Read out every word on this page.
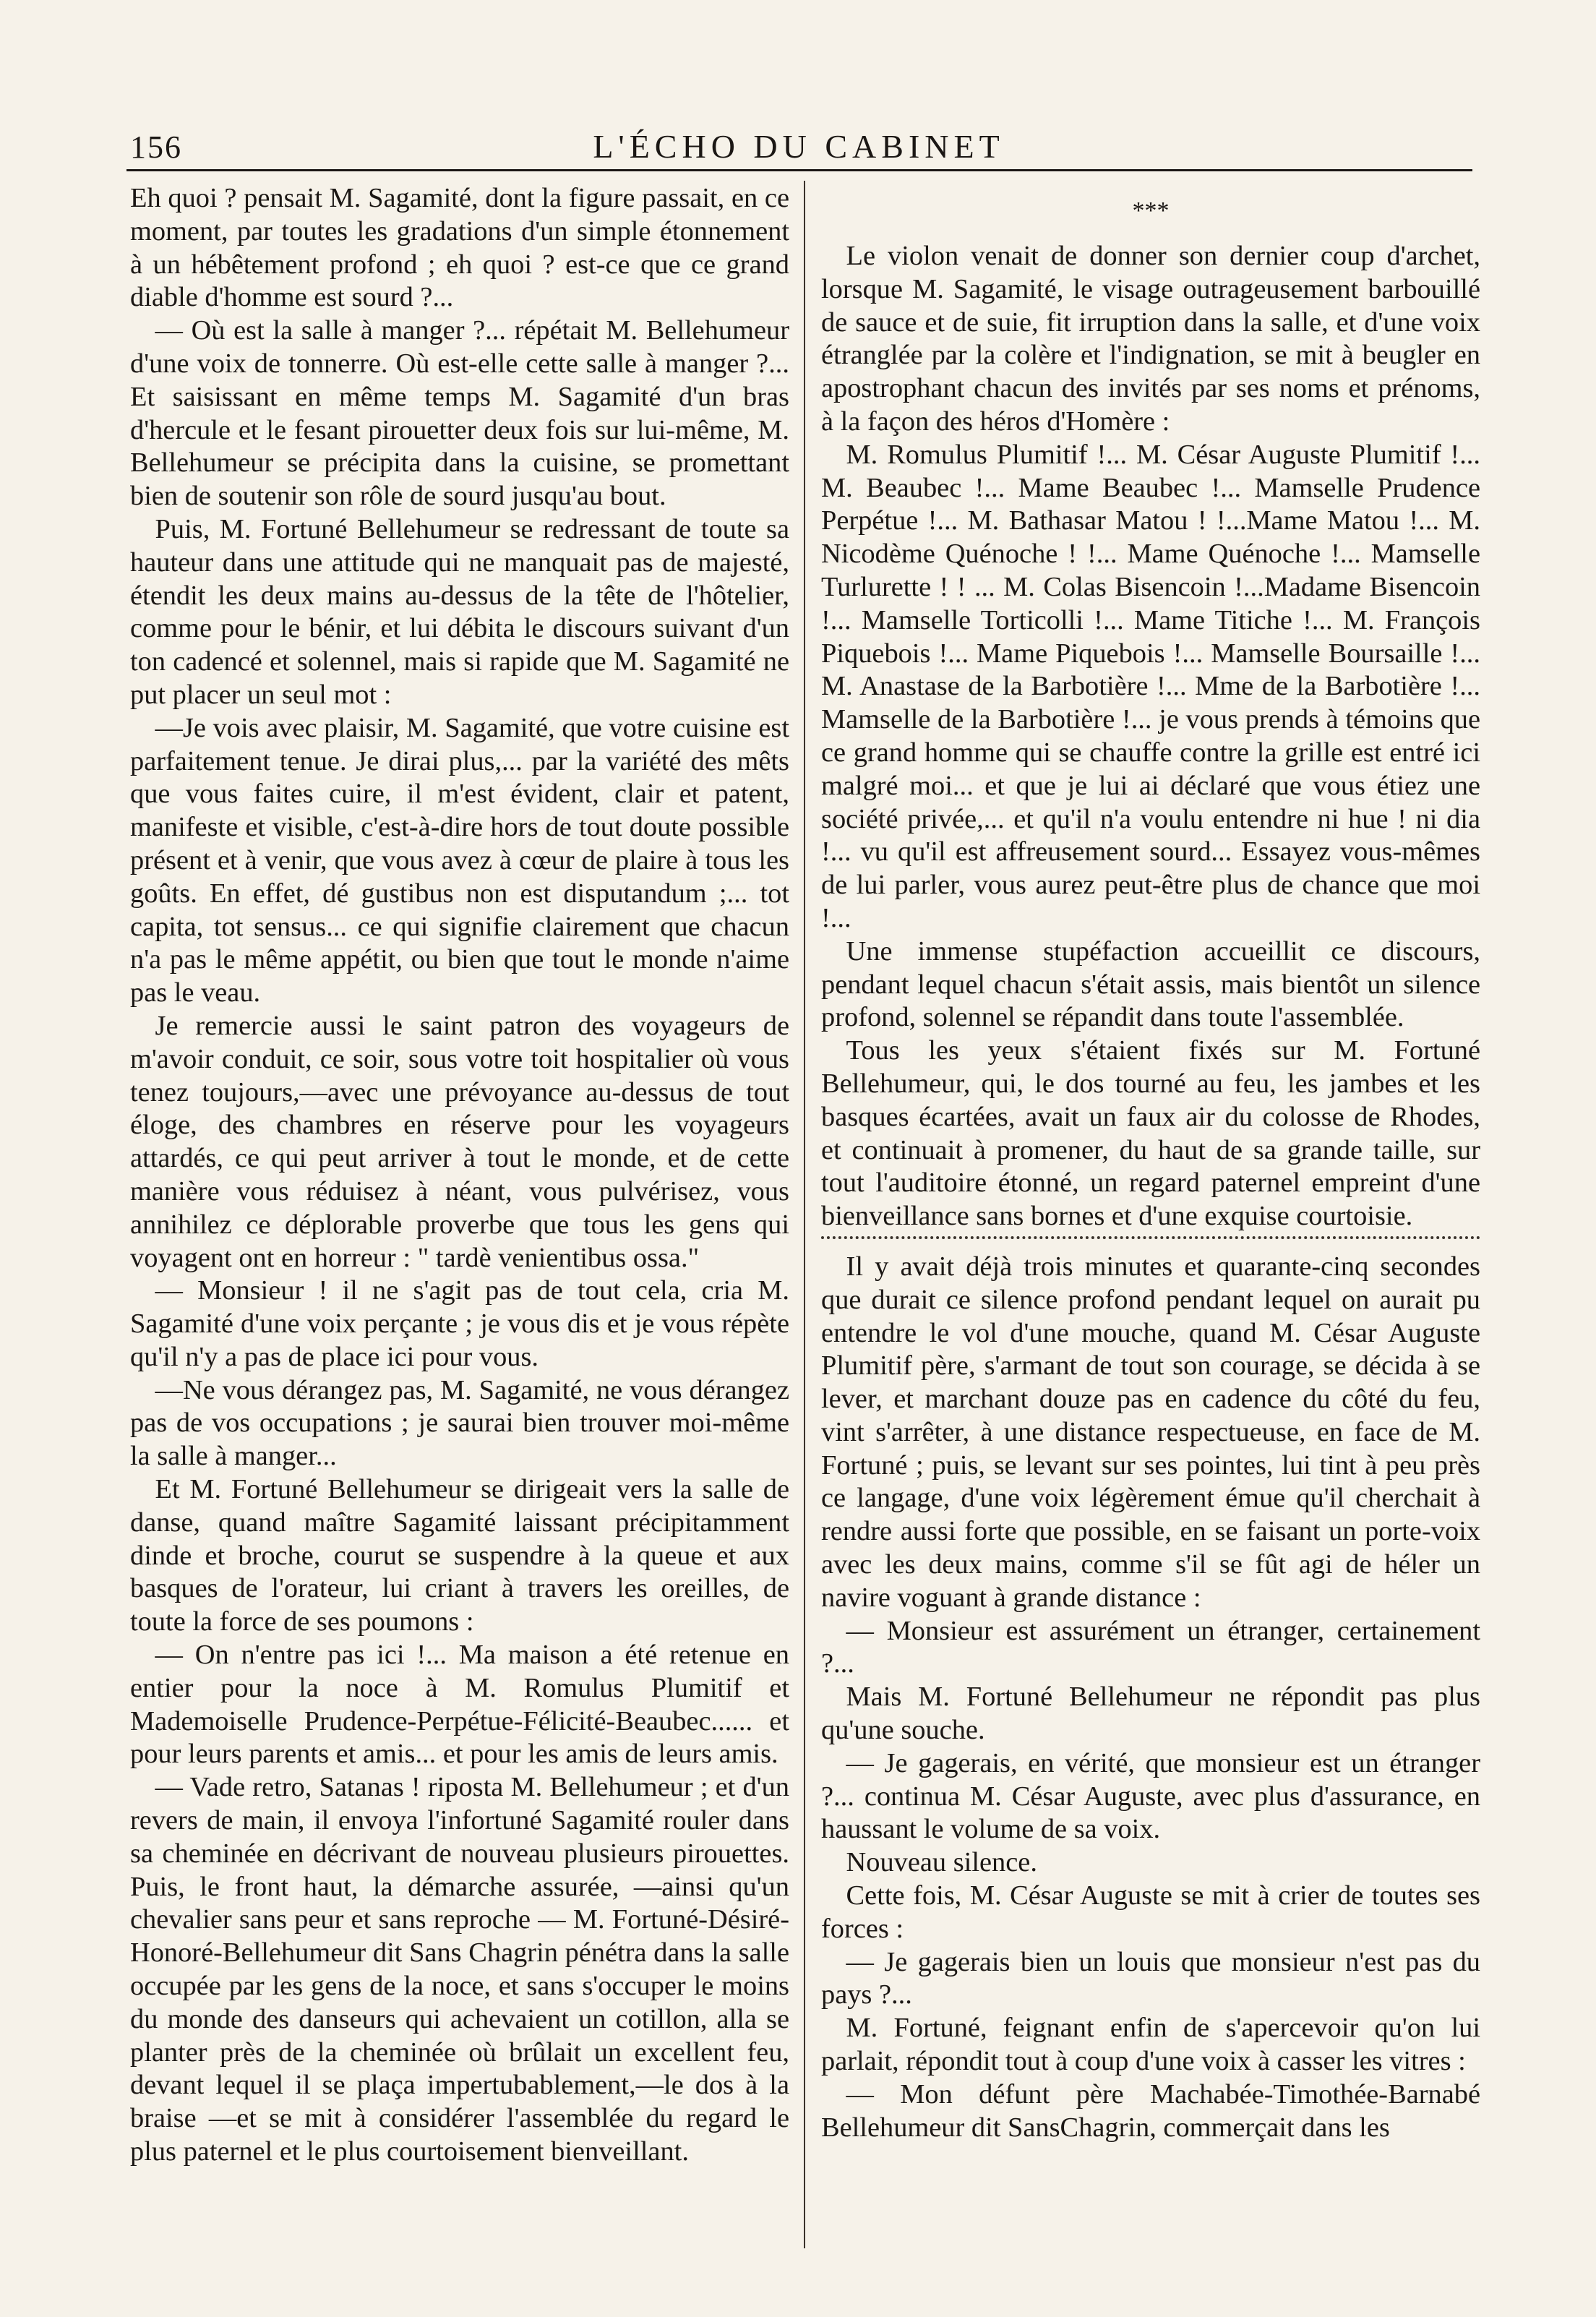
156	L'ÉCHO DU CABINET

Eh quoi ? pensait M. Sagamité, dont la figure passait, en ce moment, par toutes les gradations d'un simple étonnement à un hébêtement profond ; eh quoi ? est-ce que ce grand diable d'homme est sourd ?...

— Où est la salle à manger ?... répétait M. Bellehumeur d'une voix de tonnerre. Où est-elle cette salle à manger ?... Et saisissant en même temps M. Sagamité d'un bras d'hercule et le fesant pirouetter deux fois sur lui-même, M. Bellehumeur se précipita dans la cuisine, se promettant bien de soutenir son rôle de sourd jusqu'au bout.

Puis, M. Fortuné Bellehumeur se redressant de toute sa hauteur dans une attitude qui ne manquait pas de majesté, étendit les deux mains au-dessus de la tête de l'hôtelier, comme pour le bénir, et lui débita le discours suivant d'un ton cadencé et solennel, mais si rapide que M. Sagamité ne put placer un seul mot :

—Je vois avec plaisir, M. Sagamité, que votre cuisine est parfaitement tenue. Je dirai plus,... par la variété des mêts que vous faites cuire, il m'est évident, clair et patent, manifeste et visible, c'est-à-dire hors de tout doute possible présent et à venir, que vous avez à cœur de plaire à tous les goûts. En effet, dé gustibus non est disputandum ;... tot capita, tot sensus... ce qui signifie clairement que chacun n'a pas le même appétit, ou bien que tout le monde n'aime pas le veau.

Je remercie aussi le saint patron des voyageurs de m'avoir conduit, ce soir, sous votre toit hospitalier où vous tenez toujours,—avec une prévoyance au-dessus de tout éloge, des chambres en réserve pour les voyageurs attardés, ce qui peut arriver à tout le monde, et de cette manière vous réduisez à néant, vous pulvérisez, vous annihilez ce déplorable proverbe que tous les gens qui voyagent ont en horreur : " tardè venientibus ossa."

— Monsieur ! il ne s'agit pas de tout cela, cria M. Sagamité d'une voix perçante ; je vous dis et je vous répète qu'il n'y a pas de place ici pour vous.

—Ne vous dérangez pas, M. Sagamité, ne vous dérangez pas de vos occupations ; je saurai bien trouver moi-même la salle à manger...

Et M. Fortuné Bellehumeur se dirigeait vers la salle de danse, quand maître Sagamité laissant précipitamment dinde et broche, courut se suspendre à la queue et aux basques de l'orateur, lui criant à travers les oreilles, de toute la force de ses poumons :

— On n'entre pas ici !... Ma maison a été retenue en entier pour la noce à M. Romulus Plumitif et Mademoiselle Prudence-Perpétue-Félicité-Beaubec...... et pour leurs parents et amis... et pour les amis de leurs amis.

— Vade retro, Satanas ! riposta M. Bellehumeur ; et d'un revers de main, il envoya l'infortuné Sagamité rouler dans sa cheminée en décrivant de nouveau plusieurs pirouettes. Puis, le front haut, la démarche assurée, —ainsi qu'un chevalier sans peur et sans reproche — M. Fortuné-Désiré-Honoré-Bellehumeur dit Sans Chagrin pénétra dans la salle occupée par les gens de la noce, et sans s'occuper le moins du monde des danseurs qui achevaient un cotillon, alla se planter près de la cheminée où brûlait un excellent feu, devant lequel il se plaça impertubablement,—le dos à la braise —et se mit à considérer l'assemblée du regard le plus paternel et le plus courtoisement bienveillant.

***

Le violon venait de donner son dernier coup d'archet, lorsque M. Sagamité, le visage outrageusement barbouillé de sauce et de suie, fit irruption dans la salle, et d'une voix étranglée par la colère et l'indignation, se mit à beugler en apostrophant chacun des invités par ses noms et prénoms, à la façon des héros d'Homère :

M. Romulus Plumitif !... M. César Auguste Plumitif !... M. Beaubec !... Mame Beaubec !... Mamselle Prudence Perpétue !... M. Bathasar Matou ! !...Mame Matou !... M. Nicodème Quénoche ! !... Mame Quénoche !... Mamselle Turlurette ! ! ... M. Colas Bisencoin !...Madame Bisencoin !... Mamselle Torticolli !... Mame Titiche !... M. François Piquebois !... Mame Piquebois !... Mamselle Boursaille !... M. Anastase de la Barbotière !... Mme de la Barbotière !... Mamselle de la Barbotière !... je vous prends à témoins que ce grand homme qui se chauffe contre la grille est entré ici malgré moi... et que je lui ai déclaré que vous étiez une société privée,... et qu'il n'a voulu entendre ni hue ! ni dia !... vu qu'il est affreusement sourd... Essayez vous-mêmes de lui parler, vous aurez peut-être plus de chance que moi !...

Une immense stupéfaction accueillit ce discours, pendant lequel chacun s'était assis, mais bientôt un silence profond, solennel se répandit dans toute l'assemblée.

Tous les yeux s'étaient fixés sur M. Fortuné Bellehumeur, qui, le dos tourné au feu, les jambes et les basques écartées, avait un faux air du colosse de Rhodes, et continuait à promener, du haut de sa grande taille, sur tout l'auditoire étonné, un regard paternel empreint d'une bienveillance sans bornes et d'une exquise courtoisie.

Il y avait déjà trois minutes et quarante-cinq secondes que durait ce silence profond pendant lequel on aurait pu entendre le vol d'une mouche, quand M. César Auguste Plumitif père, s'armant de tout son courage, se décida à se lever, et marchant douze pas en cadence du côté du feu, vint s'arrêter, à une distance respectueuse, en face de M. Fortuné ; puis, se levant sur ses pointes, lui tint à peu près ce langage, d'une voix légèrement émue qu'il cherchait à rendre aussi forte que possible, en se faisant un porte-voix avec les deux mains, comme s'il se fût agi de héler un navire voguant à grande distance :

— Monsieur est assurément un étranger, certainement ?...

Mais M. Fortuné Bellehumeur ne répondit pas plus qu'une souche.

— Je gagerais, en vérité, que monsieur est un étranger ?... continua M. César Auguste, avec plus d'assurance, en haussant le volume de sa voix.

Nouveau silence.

Cette fois, M. César Auguste se mit à crier de toutes ses forces :

— Je gagerais bien un louis que monsieur n'est pas du pays ?...

M. Fortuné, feignant enfin de s'apercevoir qu'on lui parlait, répondit tout à coup d'une voix à casser les vitres :

— Mon défunt père Machabée-Timothée-Barnabé Bellehumeur dit SansChagrin, commerçait dans les
